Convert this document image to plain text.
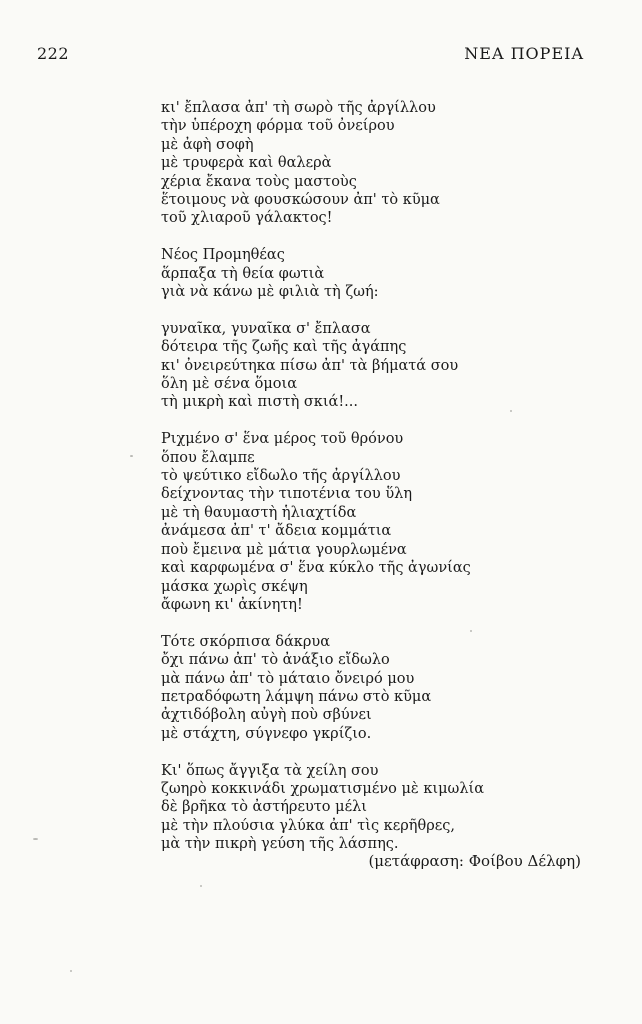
222	ΝΕΑ ΠΟΡΕΙΑ
κι' ἔπλασα ἀπ' τὴ σωρὸ τῆς ἀργίλλου
τὴν ὑπέροχη φόρμα τοῦ ὀνείρου
μὲ ἀφὴ σοφὴ
μὲ τρυφερὰ καὶ θαλερὰ
χέρια ἔκανα τοὺς μαστοὺς
ἕτοιμους νὰ φουσκώσουν ἀπ' τὸ κῦμα
τοῦ χλιαροῦ γάλακτος!
Νέος Προμηθέας
ἅρπαξα τὴ θεία φωτιὰ
γιὰ νὰ κάνω μὲ φιλιὰ τὴ ζωή:
γυναῖκα, γυναῖκα σ' ἔπλασα
δότειρα τῆς ζωῆς καὶ τῆς ἀγάπης
κι' ὀνειρεύτηκα πίσω ἀπ' τὰ βήματά σου
ὅλη μὲ σένα ὅμοια
τὴ μικρὴ καὶ πιστὴ σκιά!...
Ριχμένο σ' ἕνα μέρος τοῦ θρόνου
ὅπου ἔλαμπε
τὸ ψεύτικο εἴδωλο τῆς ἀργίλλου
δείχνοντας τὴν τιποτένια του ὕλη
μὲ τὴ θαυμαστὴ ἡλιαχτίδα
ἀνάμεσα ἀπ' τ' ἄδεια κομμάτια
ποὺ ἔμεινα μὲ μάτια γουρλωμένα
καὶ καρφωμένα σ' ἕνα κύκλο τῆς ἀγωνίας
μάσκα χωρὶς σκέψη
ἄφωνη κι' ἀκίνητη!
Τότε σκόρπισα δάκρυα
ὄχι πάνω ἀπ' τὸ ἀνάξιο εἴδωλο
μὰ πάνω ἀπ' τὸ μάταιο ὄνειρό μου
πετραδόφωτη λάμψη πάνω στὸ κῦμα
ἀχτιδόβολη αὐγὴ ποὺ σβύνει
μὲ στάχτη, σύγνεφο γκρίζιο.
Κι' ὅπως ἄγγιξα τὰ χείλη σου
ζωηρὸ κοκκινάδι χρωματισμένο μὲ κιμωλία
δὲ βρῆκα τὸ ἀστήρευτο μέλι
μὲ τὴν πλούσια γλύκα ἀπ' τὶς κερῆθρες,
μὰ τὴν πικρὴ γεύση τῆς λάσπης.
(μετάφραση: Φοίβου Δέλφη)
